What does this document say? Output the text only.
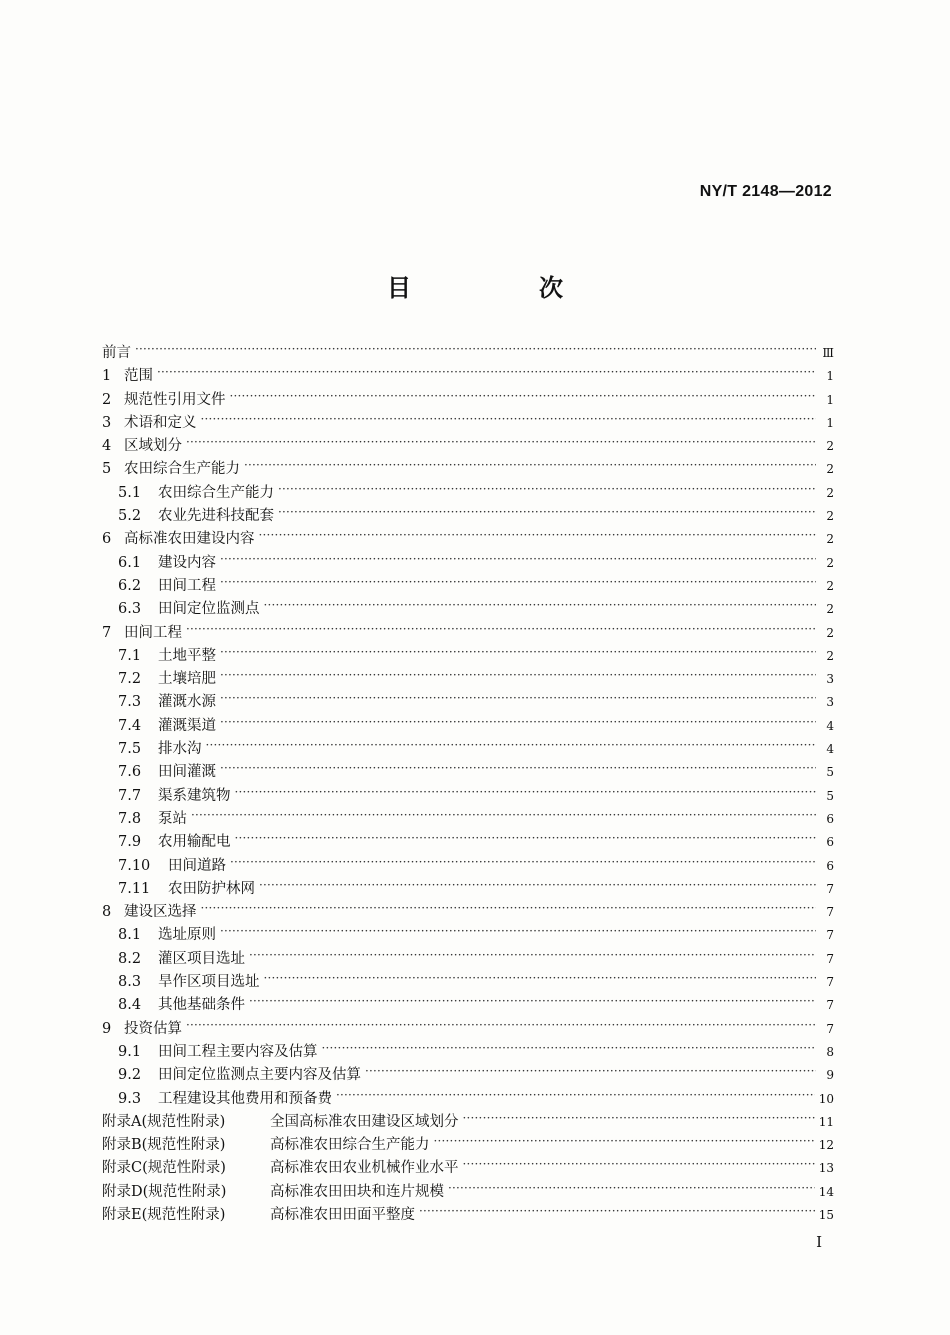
NY/T 2148—2012
目　次
前言 ·····	Ⅲ
1 范围 ·····	1
2 规范性引用文件 ·····	1
3 术语和定义 ·····	1
4 区域划分 ·····	2
5 农田综合生产能力 ·····	2
5.1	农田综合生产能力 ·····	2
5.2	农业先进科技配套 ·····	2
6 高标准农田建设内容 ·····	2
6.1	建设内容 ·····	2
6.2	田间工程 ·····	2
6.3	田间定位监测点 ·····	2
7 田间工程 ·····	2
7.1	土地平整 ·····	2
7.2	土壤培肥 ·····	3
7.3	灌溉水源 ·····	3
7.4	灌溉渠道 ·····	4
7.5	排水沟 ·····	4
7.6	田间灌溉 ·····	5
7.7	渠系建筑物 ·····	5
7.8	泵站 ·····	6
7.9	农用输配电 ·····	6
7.10	田间道路 ·····	6
7.11	农田防护林网 ·····	7
8 建设区选择 ·····	7
8.1	选址原则 ·····	7
8.2	灌区项目选址 ·····	7
8.3	旱作区项目选址 ·····	7
8.4	其他基础条件 ·····	7
9 投资估算 ·····	7
9.1	田间工程主要内容及估算 ·····	8
9.2	田间定位监测点主要内容及估算 ·····	9
9.3	工程建设其他费用和预备费 ·····	10
附录A(规范性附录)	全国高标准农田建设区域划分 ·····	11
附录B(规范性附录)	高标准农田综合生产能力 ·····	12
附录C(规范性附录)	高标准农田农业机械作业水平 ·····	13
附录D(规范性附录)	高标准农田田块和连片规模 ·····	14
附录E(规范性附录)	高标准农田田面平整度 ·····	15
I
